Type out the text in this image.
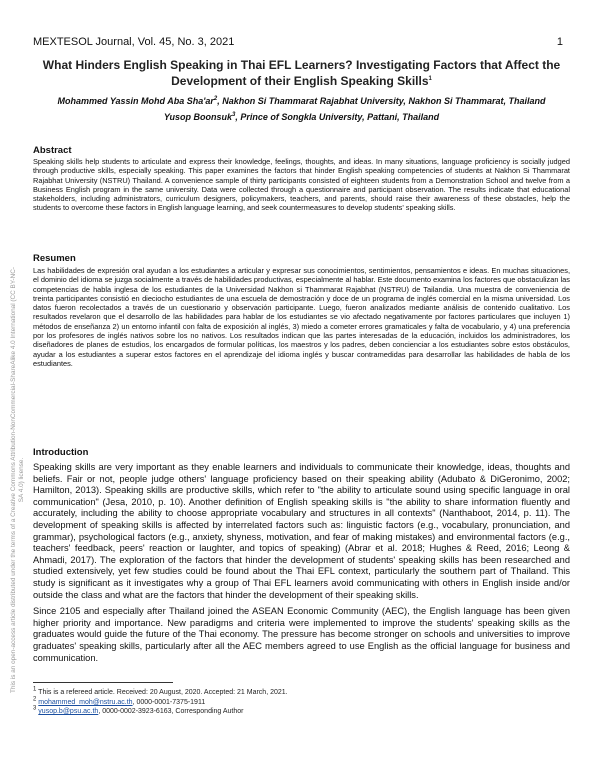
MEXTESOL Journal, Vol. 45, No. 3, 2021	1
What Hinders English Speaking in Thai EFL Learners? Investigating Factors that Affect the Development of their English Speaking Skills$^1$

Mohammed Yassin Mohd Aba $Sha'ar^2$, Nakhon Si Thammarat Rajabhat University, Nakhon Si Thammarat, Thailand

Yusop Boonsuk$^3$, Prince of Songkla University, Pattani, Thailand

Abstract

Speaking skills help students to articulate and express their knowledge, feelings, thoughts, and ideas. In many situations, language proficiency is socially judged through productive skills, especially speaking. This paper examines the factors that hinder English speaking competencies of students at Nakhon Si Thammarat Rajabhat University (NSTRU) Thailand. A convenience sample of thirty participants consisted of eighteen students from a Demonstration School and twelve from a Business English program in the same university. Data were collected through a questionnaire and participant observation. The results indicate that educational stakeholders, including administrators, curriculum designers, policymakers, teachers, and parents, should raise their awareness of these obstacles, help the students to overcome these factors in English language learning, and seek countermeasures to develop students' speaking skills.

Resumen

Las habilidades de expresión oral ayudan a los estudiantes a articular y expresar sus conocimientos, sentimientos, pensamientos e ideas. En muchas situaciones, el dominio del idioma se juzga socialmente a través de habilidades productivas, especialmente al hablar. Este documento examina los factores que obstaculizan las competencias de habla inglesa de los estudiantes de la Universidad Nakhon si Thammarat Rajabhat (NSTRU) de Tailandia. Una muestra de conveniencia de treinta participantes consistió en dieciocho estudiantes de una escuela de demostración y doce de un programa de inglés comercial en la misma universidad. Los datos fueron recolectados a través de un cuestionario y observación participante. Luego, fueron analizados mediante análisis de contenido cualitativo. Los resultados revelaron que el desarrollo de las habilidades para hablar de los estudiantes se vio afectado negativamente por factores particulares que incluyen 1) métodos de enseñanza 2) un entorno infantil con falta de exposición al inglés, 3) miedo a cometer errores gramaticales y falta de vocabulario, y 4) una preferencia por los profesores de inglés nativos sobre los no nativos. Los resultados indican que las partes interesadas de la educación, incluidos los administradores, los diseñadores de planes de estudios, los encargados de formular políticas, los maestros y los padres, deben concienciar a los estudiantes sobre estos obstáculos, ayudar a los estudiantes a superar estos factores en el aprendizaje del idioma inglés y buscar contramedidas para desarrollar las habilidades de habla de los estudiantes.

Introduction

Speaking skills are very important as they enable learners and individuals to communicate their knowledge, ideas, thoughts and beliefs. Fair or not, people judge others' language proficiency based on their speaking ability (Adubato & DiGeronimo, 2002; Hamilton, 2013). Speaking skills are productive skills, which refer to "the ability to articulate sound using specific language in oral communication" (Jesa, 2010, p. 10). Another definition of English speaking skills is "the ability to share information fluently and accurately, including the ability to choose appropriate vocabulary and structures in all contexts" (Nanthaboot, 2014, p. 11). The development of speaking skills is affected by interrelated factors such as: linguistic factors (e.g., vocabulary, pronunciation, and grammar), psychological factors (e.g., anxiety, shyness, motivation, and fear of making mistakes) and environmental factors (e.g., teachers' feedback, peers' reaction or laughter, and topics of speaking) (Abrar et al. 2018; Hughes & Reed, 2016; Leong & Ahmadi, 2017). The exploration of the factors that hinder the development of students' speaking skills has been researched and studied extensively, yet few studies could be found about the Thai EFL context, particularly the southern part of Thailand. This study is significant as it investigates why a group of Thai EFL learners avoid communicating with others in English inside and/or outside the class and what are the factors that hinder the development of their speaking skills.

Since 2105 and especially after Thailand joined the ASEAN Economic Community (AEC), the English language has been given higher priority and importance. New paradigms and criteria were implemented to improve the students' speaking skills as the graduates would guide the future of the Thai economy. The pressure has become stronger on schools and universities to improve graduates' speaking skills, particularly after all the AEC members agreed to use English as the official language for business and communication.

$^1$ This is a refereed article. Received: 20 August, 2020. Accepted: 21 March, 2021.
$^2$ mohammed_moh@nstru.ac.th, 0000-0001-7375-1911
$^3$ yusop.b@psu.ac.th, 0000-0002-3923-6163, Corresponding Author
This is an open-access article distributed under the terms of a Creative Commons Attribution-NonCommercial-ShareAlike 4.0 International (CC BY-NC-SA 4.0) license.
